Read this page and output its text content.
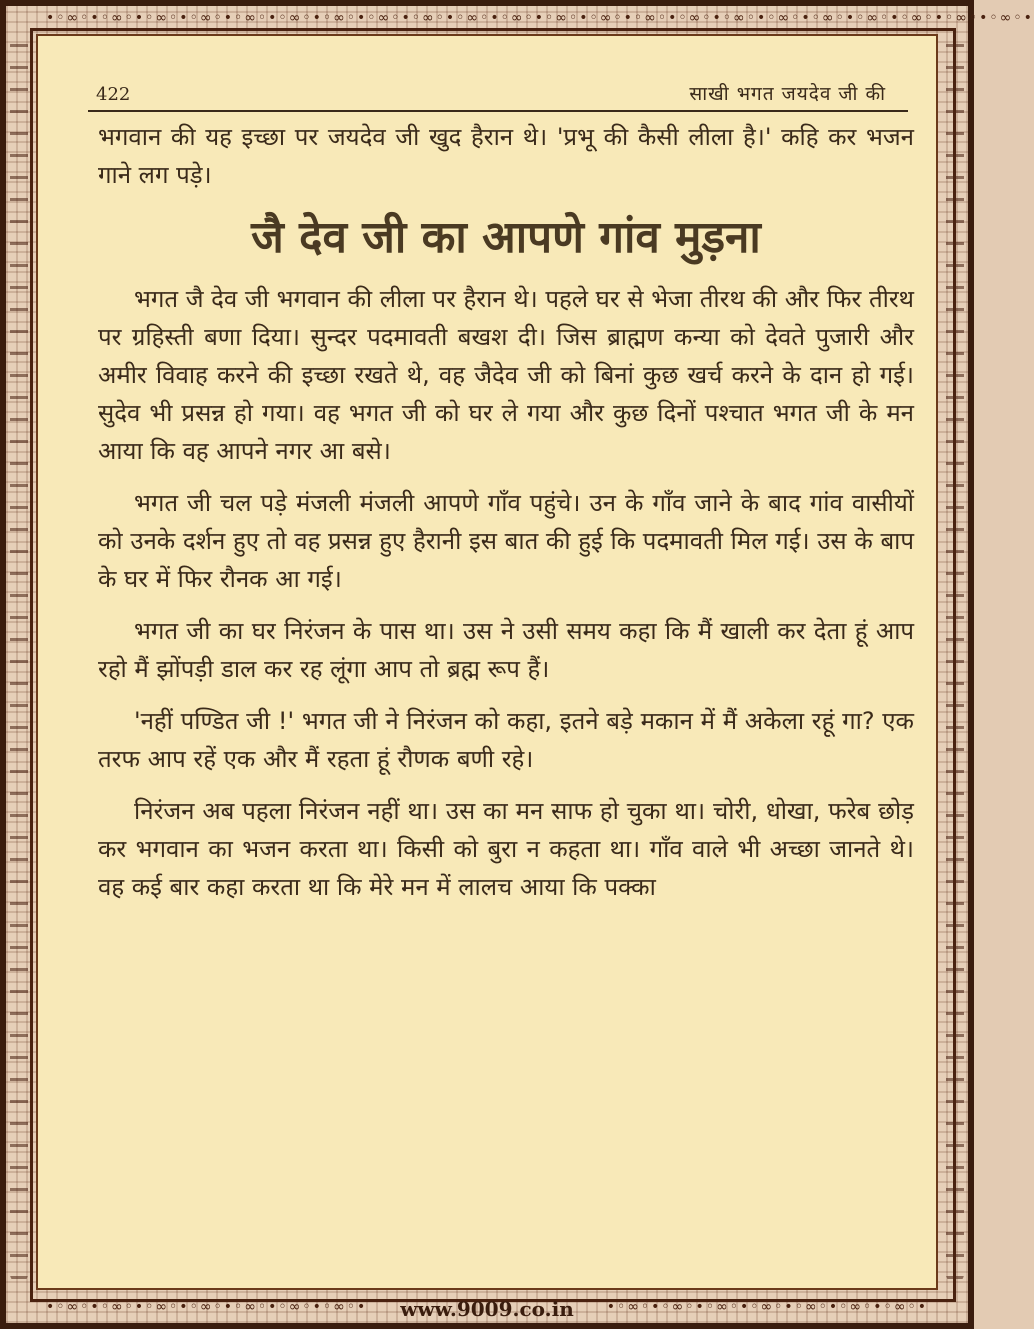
•◦∞◦•◦∞◦•◦∞◦•◦∞◦•◦∞◦•◦∞◦•◦∞◦•◦∞◦•◦∞◦•◦∞◦•◦∞◦•◦∞◦•◦∞◦•◦∞◦•◦∞◦•◦∞◦•◦∞◦•◦∞◦•◦∞◦•◦∞◦•◦∞◦•◦∞◦•
•◦∞◦•◦∞◦•◦∞◦•◦∞◦•◦∞◦•◦∞◦•◦∞◦•	•◦∞◦•◦∞◦•◦∞◦•◦∞◦•◦∞◦•◦∞◦•◦∞◦•
www.9009.co.in
422	साखी भगत जयदेव जी की

भगवान की यह इच्छा पर जयदेव जी खुद हैरान थे। 'प्रभू की कैसी लीला है।' कहि कर भजन गाने लग पड़े।

जै देव जी का आपणे गांव मुड़ना

भगत जै देव जी भगवान की लीला पर हैरान थे। पहले घर से भेजा तीरथ की और फिर तीरथ पर ग्रहिस्ती बणा दिया। सुन्दर पदमावती बखश दी। जिस ब्राह्मण कन्या को देवते पुजारी और अमीर विवाह करने की इच्छा रखते थे, वह जैदेव जी को बिनां कुछ खर्च करने के दान हो गई। सुदेव भी प्रसन्न हो गया। वह भगत जी को घर ले गया और कुछ दिनों पश्चात भगत जी के मन आया कि वह आपने नगर आ बसे।

भगत जी चल पड़े मंजली मंजली आपणे गाँव पहुंचे। उन के गाँव जाने के बाद गांव वासीयों को उनके दर्शन हुए तो वह प्रसन्न हुए हैरानी इस बात की हुई कि पदमावती मिल गई। उस के बाप के घर में फिर रौनक आ गई।

भगत जी का घर निरंजन के पास था। उस ने उसी समय कहा कि मैं खाली कर देता हूं आप रहो मैं झोंपड़ी डाल कर रह लूंगा आप तो ब्रह्म रूप हैं।

'नहीं पण्डित जी !' भगत जी ने निरंजन को कहा, इतने बड़े मकान में मैं अकेला रहूं गा? एक तरफ आप रहें एक और मैं रहता हूं रौणक बणी रहे।

निरंजन अब पहला निरंजन नहीं था। उस का मन साफ हो चुका था। चोरी, धोखा, फरेब छोड़ कर भगवान का भजन करता था। किसी को बुरा न कहता था। गाँव वाले भी अच्छा जानते थे। वह कई बार कहा करता था कि मेरे मन में लालच आया कि पक्का
